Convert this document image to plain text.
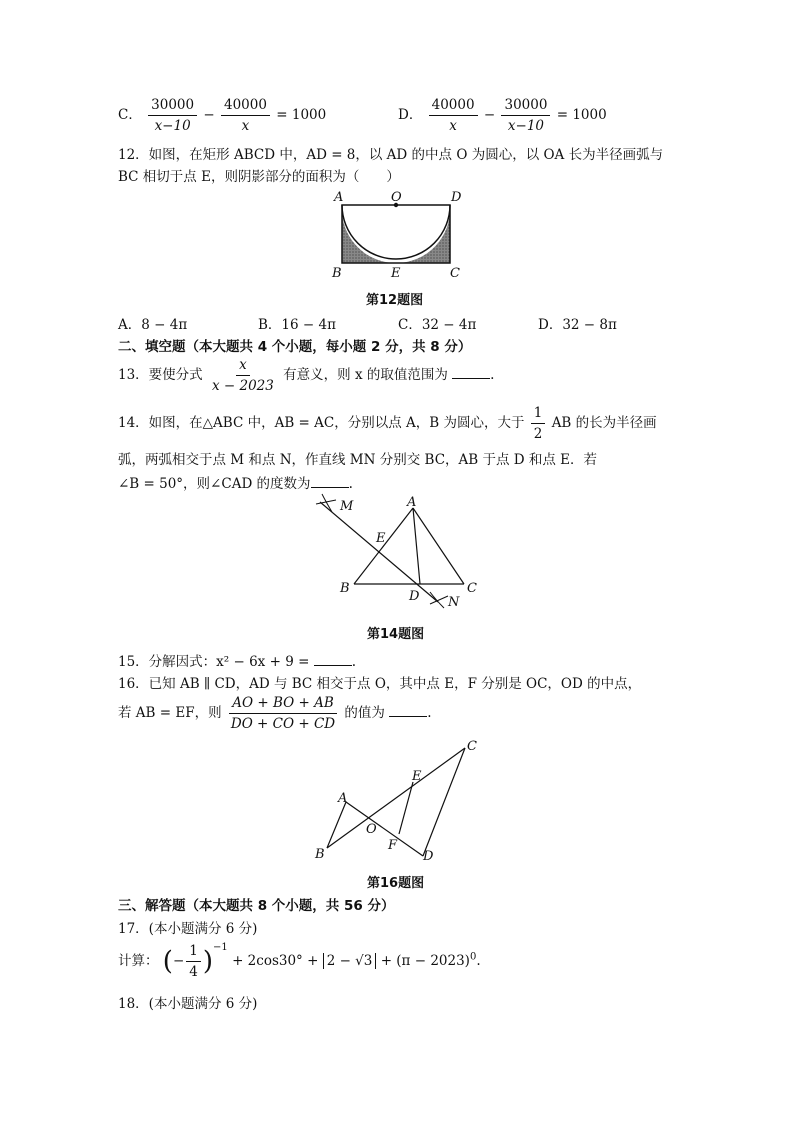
C． $\frac{30000}{x-10} - \frac{40000}{x} = 1000$	D． $\frac{40000}{x} - \frac{30000}{x-10} = 1000$
12．如图，在矩形 ABCD 中，AD = 8，以 AD 的中点 O 为圆心，以 OA 长为半径画弧与
BC 相切于点 E，则阴影部分的面积为（　　）
A	O	D
B	E	C
第12题图
A．8 − 4π	B．16 − 4π	C．32 − 4π	D．32 − 8π
二、填空题（本大题共 4 个小题，每小题 2 分，共 8 分）
13．要使分式 $\frac{x}{x - 2023}$ 有意义，则 x 的取值范围为	.
14．如图，在△ABC 中，AB = AC，分别以点 A，B 为圆心，大于 $\frac{1}{2}$ AB 的长为半径画
弧，两弧相交于点 M 和点 N，作直线 MN 分别交 BC，AB 于点 D 和点 E．若
∠B = 50°，则∠CAD 的度数为	.
M	A
E
B
D N
C
第14题图
15．分解因式：x² − 6x + 9 =	.
16．已知 AB ∥ CD，AD 与 BC 相交于点 O，其中点 E，F 分别是 OC，OD 的中点，
若 AB = EF，则 $\frac{AO + BO + AB}{DO + CO + CD}$ 的值为	.
A
B
O
E
F
C
D
第16题图
三、解答题（本大题共 8 个小题，共 56 分）
17．(本小题满分 6 分)
计算： (− $\frac{1}{4} )^{-1} + 2\cos 30^\circ + 2 - √3 + (\pi - 2023)^0$.
18．(本小题满分 6 分)
